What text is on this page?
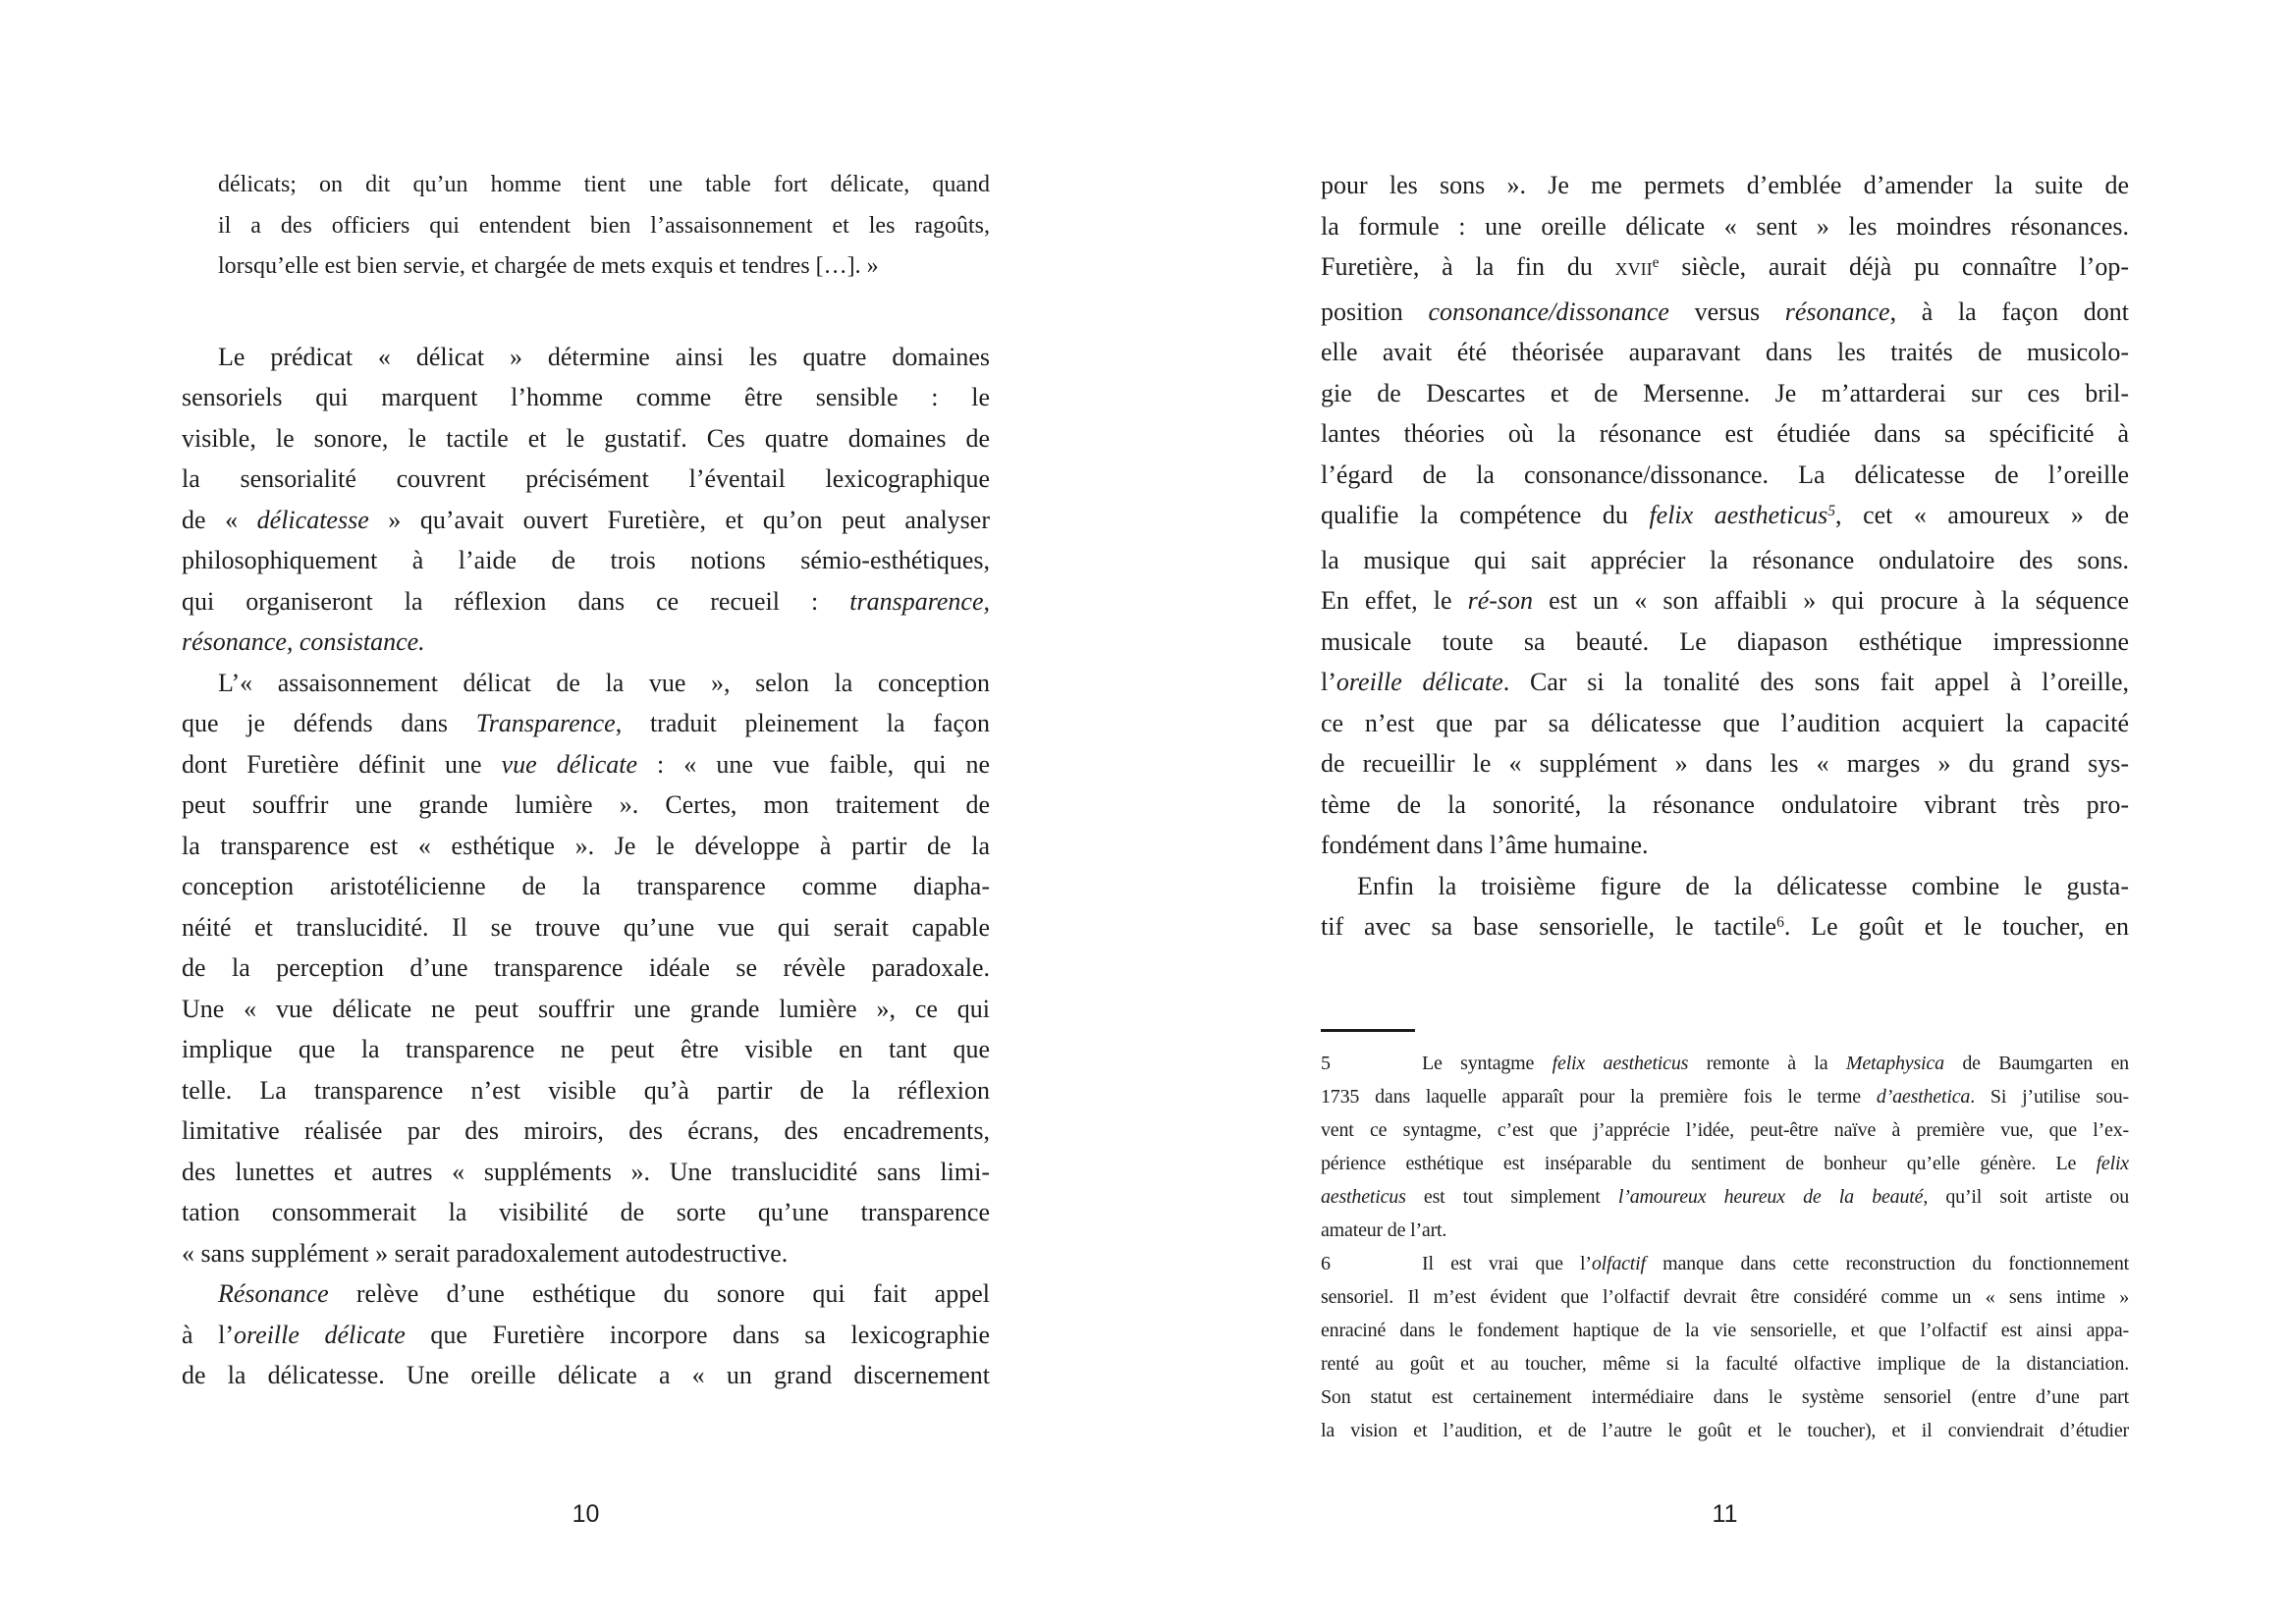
délicats; on dit qu’un homme tient une table fort délicate, quand
il a des officiers qui entendent bien l’assaisonnement et les ragoûts,
lorsqu’elle est bien servie, et chargée de mets exquis et tendres […]. »
Le prédicat « délicat » détermine ainsi les quatre domaines
sensoriels qui marquent l’homme comme être sensible : le
visible, le sonore, le tactile et le gustatif. Ces quatre domaines de
la sensorialité couvrent précisément l’éventail lexicographique
de « délicatesse » qu’avait ouvert Furetière, et qu’on peut analyser
philosophiquement à l’aide de trois notions sémio-esthétiques,
qui organiseront la réflexion dans ce recueil : transparence,
résonance, consistance.
L’« assaisonnement délicat de la vue », selon la conception
que je défends dans Transparence, traduit pleinement la façon
dont Furetière définit une vue délicate : « une vue faible, qui ne
peut souffrir une grande lumière ». Certes, mon traitement de
la transparence est « esthétique ». Je le développe à partir de la
conception aristotélicienne de la transparence comme diapha-
néité et translucidité. Il se trouve qu’une vue qui serait capable
de la perception d’une transparence idéale se révèle paradoxale.
Une « vue délicate ne peut souffrir une grande lumière », ce qui
implique que la transparence ne peut être visible en tant que
telle. La transparence n’est visible qu’à partir de la réflexion
limitative réalisée par des miroirs, des écrans, des encadrements,
des lunettes et autres « suppléments ». Une translucidité sans limi-
tation consommerait la visibilité de sorte qu’une transparence
« sans supplément » serait paradoxalement autodestructive.
Résonance relève d’une esthétique du sonore qui fait appel
à l’oreille délicate que Furetière incorpore dans sa lexicographie
de la délicatesse. Une oreille délicate a « un grand discernement
pour les sons ». Je me permets d’emblée d’amender la suite de
la formule : une oreille délicate « sent » les moindres résonances.
Furetière, à la fin du xvii$^e$ siècle, aurait déjà pu connaître l’op-
position consonance/dissonance versus résonance, à la façon dont
elle avait été théorisée auparavant dans les traités de musicolo-
gie de Descartes et de Mersenne. Je m’attarderai sur ces bril-
lantes théories où la résonance est étudiée dans sa spécificité à
l’égard de la consonance/dissonance. La délicatesse de l’oreille
qualifie la compétence du felix aestheticus$^5$, cet « amoureux » de
la musique qui sait apprécier la résonance ondulatoire des sons.
En effet, le ré-son est un « son affaibli » qui procure à la séquence
musicale toute sa beauté. Le diapason esthétique impressionne
l’oreille délicate. Car si la tonalité des sons fait appel à l’oreille,
ce n’est que par sa délicatesse que l’audition acquiert la capacité
de recueillir le « supplément » dans les « marges » du grand sys-
tème de la sonorité, la résonance ondulatoire vibrant très pro-
fondément dans l’âme humaine.
Enfin la troisième figure de la délicatesse combine le gusta-
tif avec sa base sensorielle, le tactile$^6$. Le goût et le toucher, en
5	Le syntagme felix aestheticus remonte à la Metaphysica de Baumgarten en
1735 dans laquelle apparaît pour la première fois le terme d’aesthetica. Si j’utilise sou-
vent ce syntagme, c’est que j’apprécie l’idée, peut-être naïve à première vue, que l’ex-
périence esthétique est inséparable du sentiment de bonheur qu’elle génère. Le felix
aestheticus est tout simplement l’amoureux heureux de la beauté, qu’il soit artiste ou
amateur de l’art.
6	Il est vrai que l’olfactif manque dans cette reconstruction du fonctionnement
sensoriel. Il m’est évident que l’olfactif devrait être considéré comme un « sens intime »
enraciné dans le fondement haptique de la vie sensorielle, et que l’olfactif est ainsi appa-
renté au goût et au toucher, même si la faculté olfactive implique de la distanciation.
Son statut est certainement intermédiaire dans le système sensoriel (entre d’une part
la vision et l’audition, et de l’autre le goût et le toucher), et il conviendrait d’étudier
10	11
